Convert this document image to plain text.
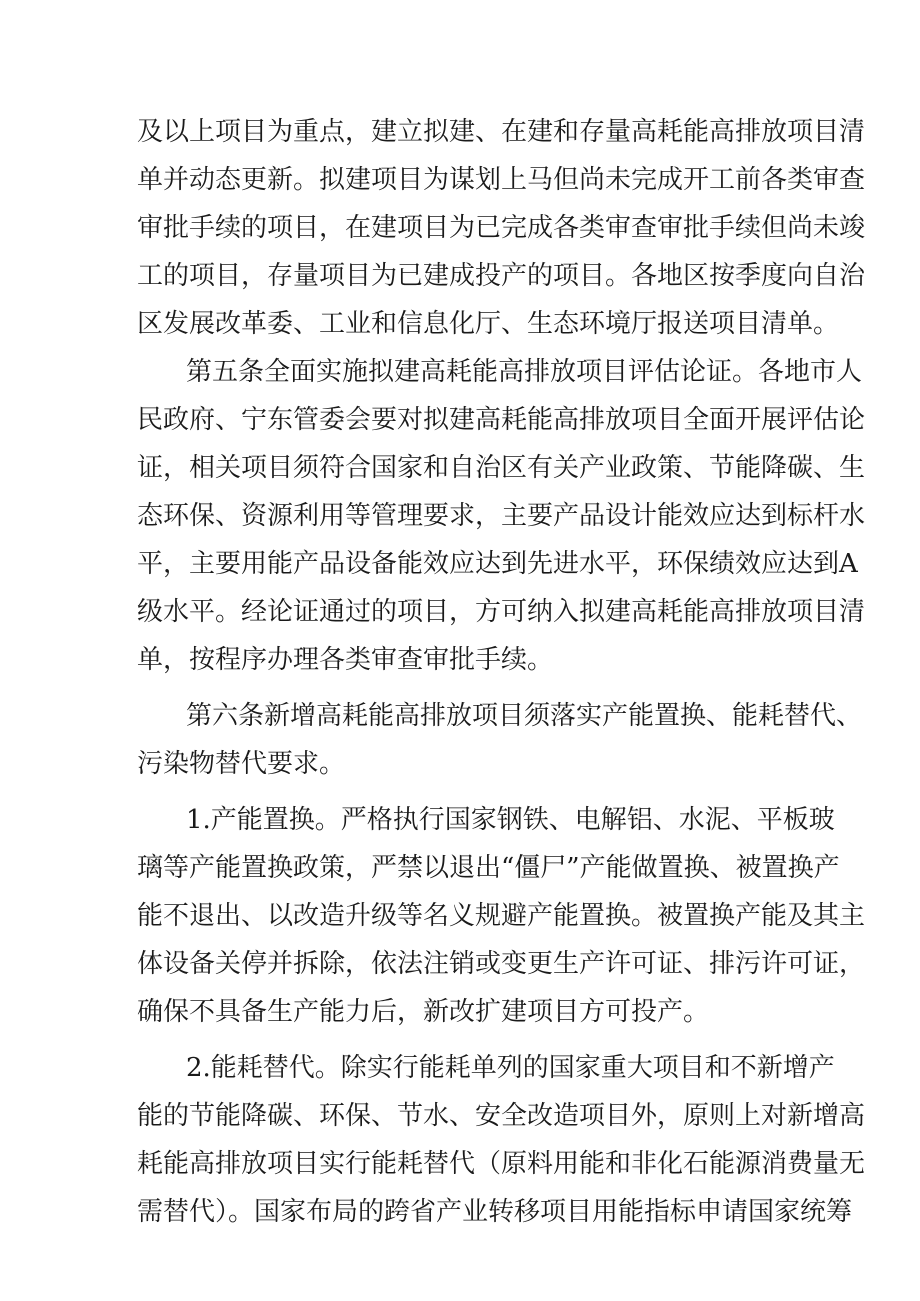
及以上项目为重点，建立拟建、在建和存量高耗能高排放项目清
单并动态更新。拟建项目为谋划上马但尚未完成开工前各类审查
审批手续的项目，在建项目为已完成各类审查审批手续但尚未竣
工的项目，存量项目为已建成投产的项目。各地区按季度向自治
区发展改革委、工业和信息化厅、生态环境厅报送项目清单。
第五条全面实施拟建高耗能高排放项目评估论证。各地市人
民政府、宁东管委会要对拟建高耗能高排放项目全面开展评估论
证，相关项目须符合国家和自治区有关产业政策、节能降碳、生
态环保、资源利用等管理要求，主要产品设计能效应达到标杆水
平，主要用能产品设备能效应达到先进水平，环保绩效应达到A
级水平。经论证通过的项目，方可纳入拟建高耗能高排放项目清
单，按程序办理各类审查审批手续。
第六条新增高耗能高排放项目须落实产能置换、能耗替代、
污染物替代要求。
1.产能置换。严格执行国家钢铁、电解铝、水泥、平板玻
璃等产能置换政策，严禁以退出“僵尸”产能做置换、被置换产
能不退出、以改造升级等名义规避产能置换。被置换产能及其主
体设备关停并拆除，依法注销或变更生产许可证、排污许可证，
确保不具备生产能力后，新改扩建项目方可投产。
2.能耗替代。除实行能耗单列的国家重大项目和不新增产
能的节能降碳、环保、节水、安全改造项目外，原则上对新增高
耗能高排放项目实行能耗替代（原料用能和非化石能源消费量无
需替代）。国家布局的跨省产业转移项目用能指标申请国家统筹
